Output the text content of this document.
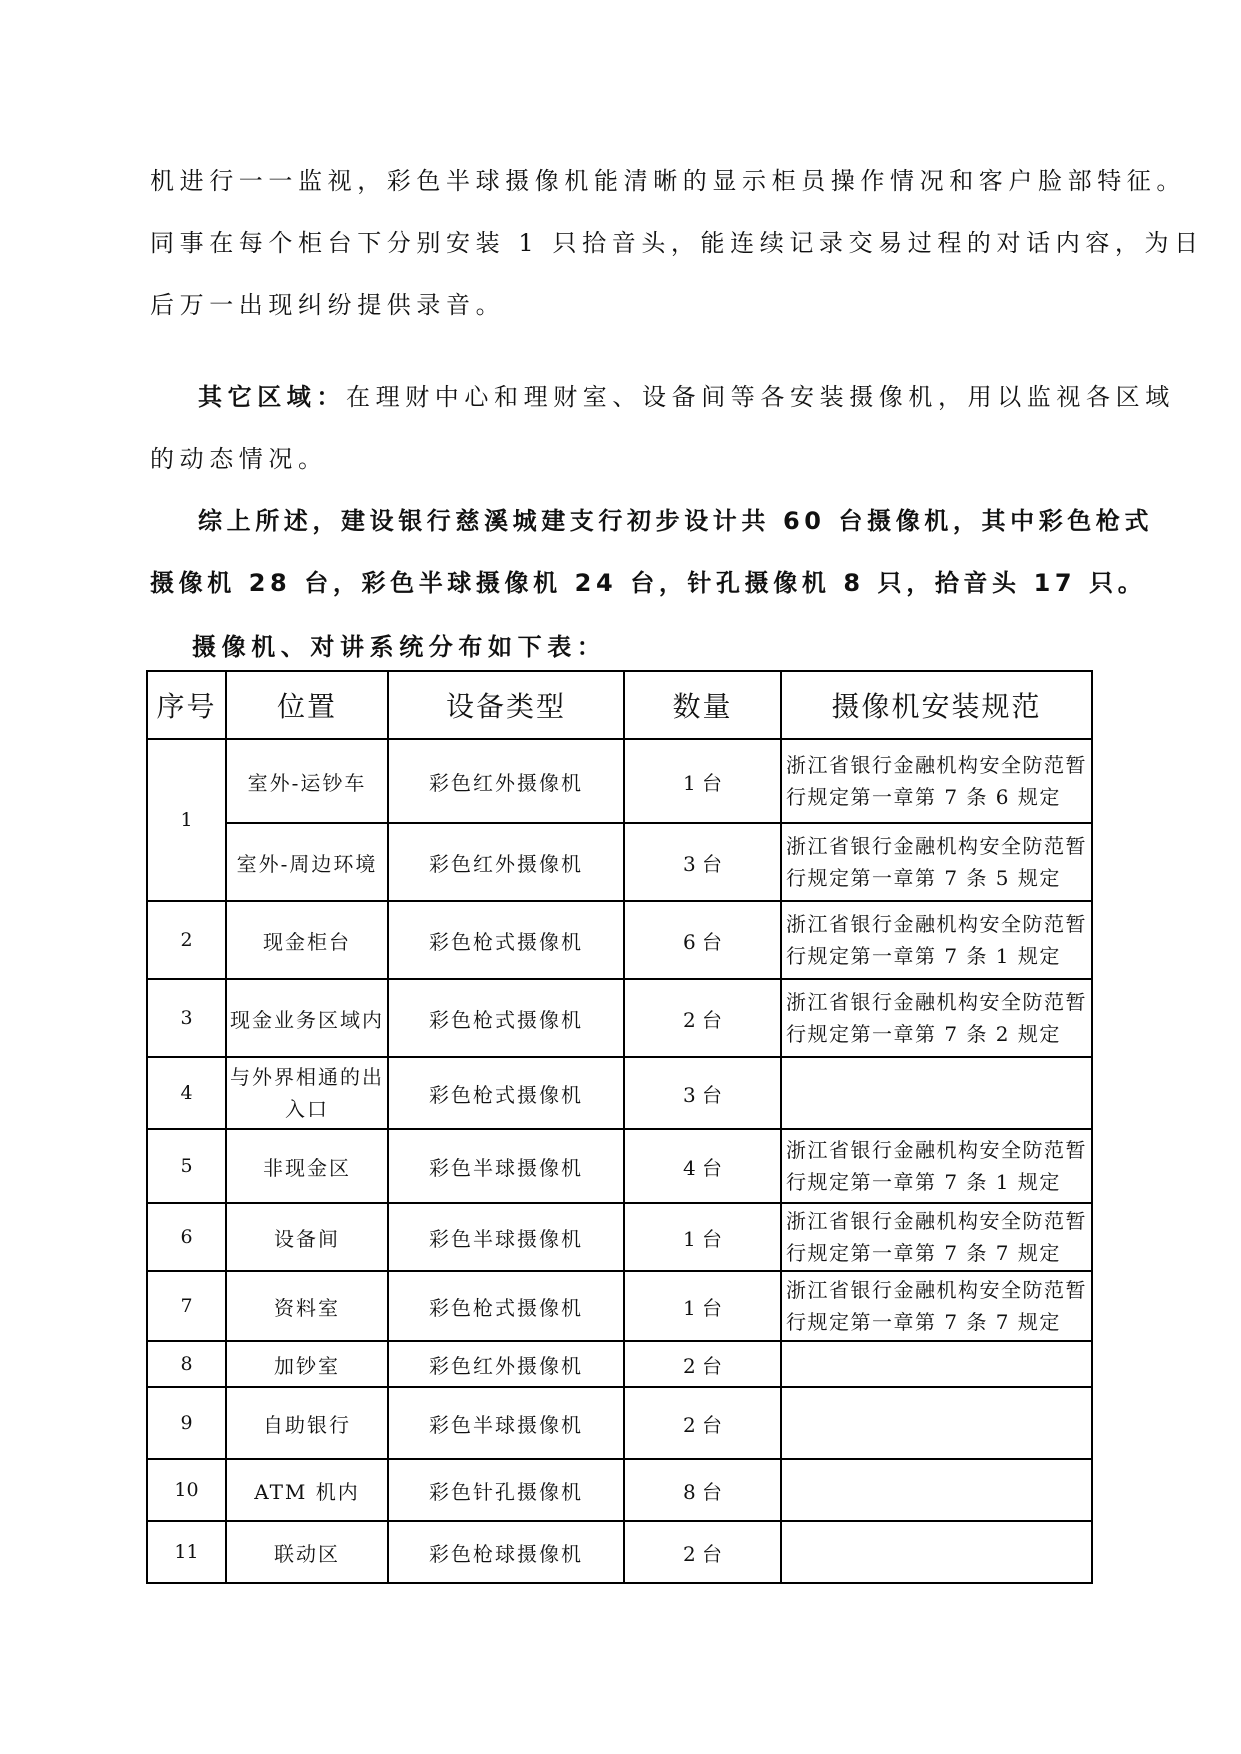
机进行一一监视，彩色半球摄像机能清晰的显示柜员操作情况和客户脸部特征。
同事在每个柜台下分别安装 1 只拾音头，能连续记录交易过程的对话内容，为日
后万一出现纠纷提供录音。
其它区域：在理财中心和理财室、设备间等各安装摄像机，用以监视各区域
的动态情况。
综上所述，建设银行慈溪城建支行初步设计共 60 台摄像机，其中彩色枪式
摄像机 28 台，彩色半球摄像机 24 台，针孔摄像机 8 只，拾音头 17 只。
摄像机、对讲系统分布如下表：
序号	位置	设备类型	数量	摄像机安装规范
1	室外-运钞车	彩色红外摄像机	1 台	浙江省银行金融机构安全防范暂行规定第一章第 7 条 6 规定
	室外-周边环境	彩色红外摄像机	3 台	浙江省银行金融机构安全防范暂行规定第一章第 7 条 5 规定
2	现金柜台	彩色枪式摄像机	6 台	浙江省银行金融机构安全防范暂行规定第一章第 7 条 1 规定
3	现金业务区域内	彩色枪式摄像机	2 台	浙江省银行金融机构安全防范暂行规定第一章第 7 条 2 规定
4	与外界相通的出入口	彩色枪式摄像机	3 台	
5	非现金区	彩色半球摄像机	4 台	浙江省银行金融机构安全防范暂行规定第一章第 7 条 1 规定
6	设备间	彩色半球摄像机	1 台	浙江省银行金融机构安全防范暂行规定第一章第 7 条 7 规定
7	资料室	彩色枪式摄像机	1 台	浙江省银行金融机构安全防范暂行规定第一章第 7 条 7 规定
8	加钞室	彩色红外摄像机	2 台	
9	自助银行	彩色半球摄像机	2 台	
10	ATM 机内	彩色针孔摄像机	8 台	
11	联动区	彩色枪球摄像机	2 台	
